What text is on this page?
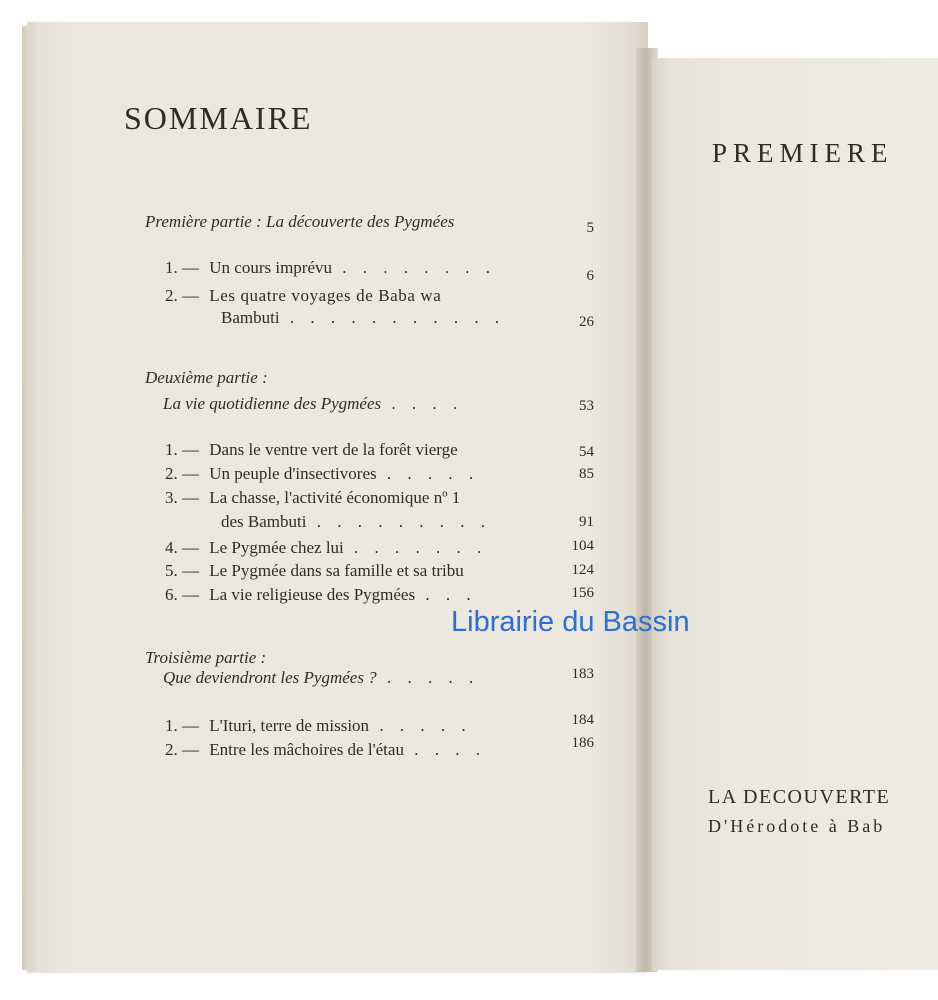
SOMMAIRE
Première partie : La découverte des Pygmées	5
1. — Un cours imprévu . . . . . . . .	6
2. — Les quatre voyages de Baba wa
Bambuti . . . . . . . . . . .	26
Deuxième partie :
La vie quotidienne des Pygmées . . . .	53
1. — Dans le ventre vert de la forêt vierge	54
2. — Un peuple d'insectivores . . . . .	85
3. — La chasse, l'activité économique nº 1
des Bambuti . . . . . . . . .	91
4. — Le Pygmée chez lui . . . . . . .	104
5. — Le Pygmée dans sa famille et sa tribu	124
6. — La vie religieuse des Pygmées . . .	156
Troisième partie :
Que deviendront les Pygmées ? . . . . .	183
1. — L'Ituri, terre de mission . . . . .	184
2. — Entre les mâchoires de l'étau . . . .	186
PREMIERE
LA DECOUVERTE
D'Hérodote à Bab
Librairie du Bassin
